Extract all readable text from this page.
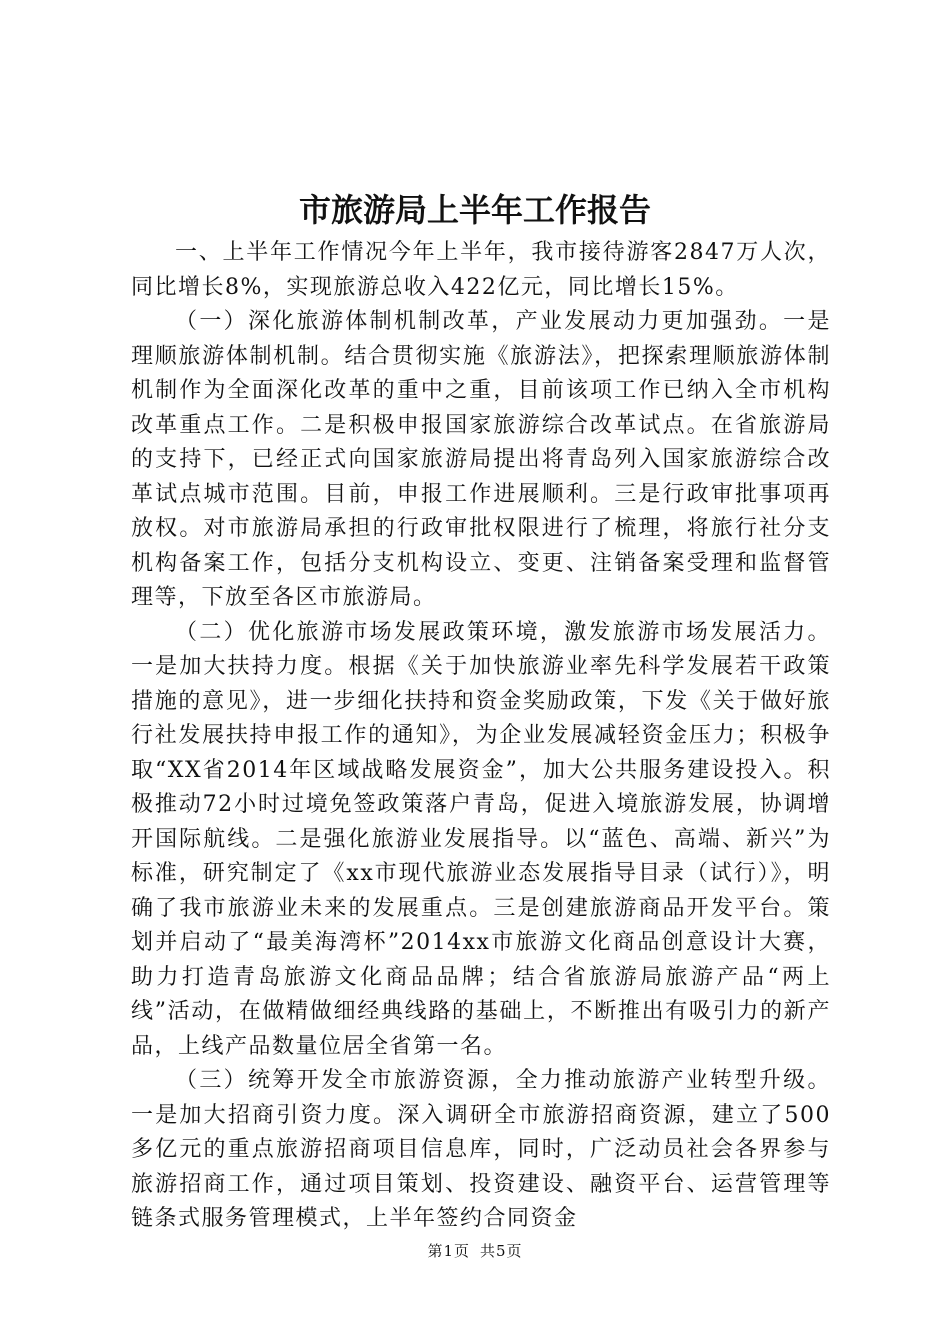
市旅游局上半年工作报告

一、上半年工作情况今年上半年，我市接待游客2847万人次，同比增长8%，实现旅游总收入422亿元，同比增长15%。

（一）深化旅游体制机制改革，产业发展动力更加强劲。一是理顺旅游体制机制。结合贯彻实施《旅游法》，把探索理顺旅游体制机制作为全面深化改革的重中之重，目前该项工作已纳入全市机构改革重点工作。二是积极申报国家旅游综合改革试点。在省旅游局的支持下，已经正式向国家旅游局提出将青岛列入国家旅游综合改革试点城市范围。目前，申报工作进展顺利。三是行政审批事项再放权。对市旅游局承担的行政审批权限进行了梳理，将旅行社分支机构备案工作，包括分支机构设立、变更、注销备案受理和监督管理等，下放至各区市旅游局。

（二）优化旅游市场发展政策环境，激发旅游市场发展活力。一是加大扶持力度。根据《关于加快旅游业率先科学发展若干政策措施的意见》，进一步细化扶持和资金奖励政策，下发《关于做好旅行社发展扶持申报工作的通知》，为企业发展减轻资金压力；积极争取“XX省2014年区域战略发展资金”，加大公共服务建设投入。积极推动72小时过境免签政策落户青岛，促进入境旅游发展，协调增开国际航线。二是强化旅游业发展指导。以“蓝色、高端、新兴”为标准，研究制定了《xx市现代旅游业态发展指导目录（试行）》，明确了我市旅游业未来的发展重点。三是创建旅游商品开发平台。策划并启动了“最美海湾杯”2014xx市旅游文化商品创意设计大赛，助力打造青岛旅游文化商品品牌；结合省旅游局旅游产品“两上线”活动，在做精做细经典线路的基础上，不断推出有吸引力的新产品，上线产品数量位居全省第一名。

（三）统筹开发全市旅游资源，全力推动旅游产业转型升级。一是加大招商引资力度。深入调研全市旅游招商资源，建立了500多亿元的重点旅游招商项目信息库，同时，广泛动员社会各界参与旅游招商工作，通过项目策划、投资建设、融资平台、运营管理等链条式服务管理模式，上半年签约合同资金

第1页 共5页
